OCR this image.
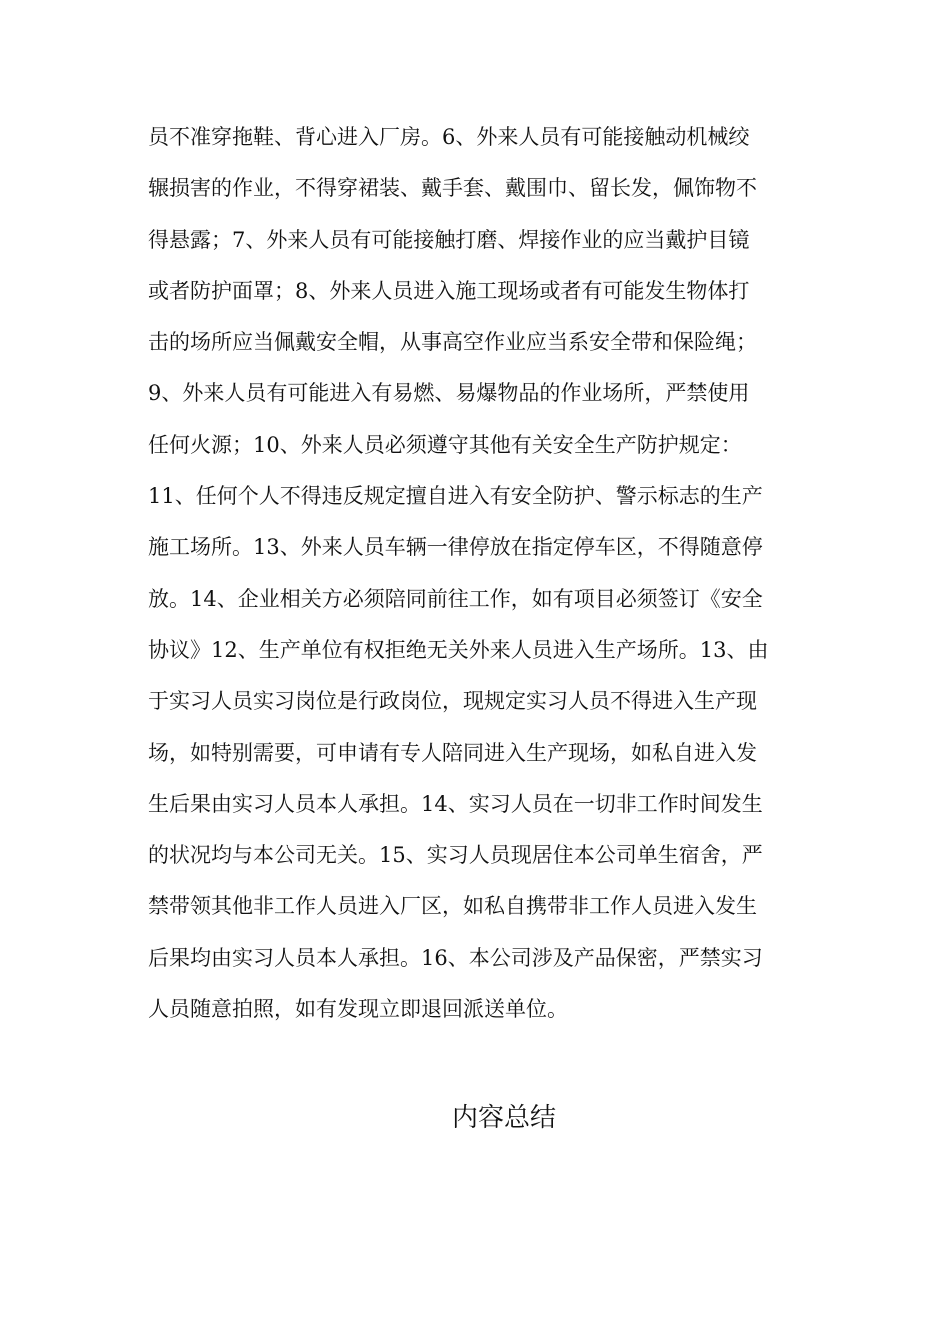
员不准穿拖鞋、背心进入厂房。6、外来人员有可能接触动机械绞
辗损害的作业，不得穿裙装、戴手套、戴围巾、留长发，佩饰物不
得悬露；7、外来人员有可能接触打磨、焊接作业的应当戴护目镜
或者防护面罩；8、外来人员进入施工现场或者有可能发生物体打
击的场所应当佩戴安全帽，从事高空作业应当系安全带和保险绳；
9、外来人员有可能进入有易燃、易爆物品的作业场所，严禁使用
任何火源；10、外来人员必须遵守其他有关安全生产防护规定：
11、任何个人不得违反规定擅自进入有安全防护、警示标志的生产
施工场所。13、外来人员车辆一律停放在指定停车区，不得随意停
放。14、企业相关方必须陪同前往工作，如有项目必须签订《安全
协议》12、生产单位有权拒绝无关外来人员进入生产场所。13、由
于实习人员实习岗位是行政岗位，现规定实习人员不得进入生产现
场，如特别需要，可申请有专人陪同进入生产现场，如私自进入发
生后果由实习人员本人承担。14、实习人员在一切非工作时间发生
的状况均与本公司无关。15、实习人员现居住本公司单生宿舍，严
禁带领其他非工作人员进入厂区，如私自携带非工作人员进入发生
后果均由实习人员本人承担。16、本公司涉及产品保密，严禁实习
人员随意拍照，如有发现立即退回派送单位。
内容总结
